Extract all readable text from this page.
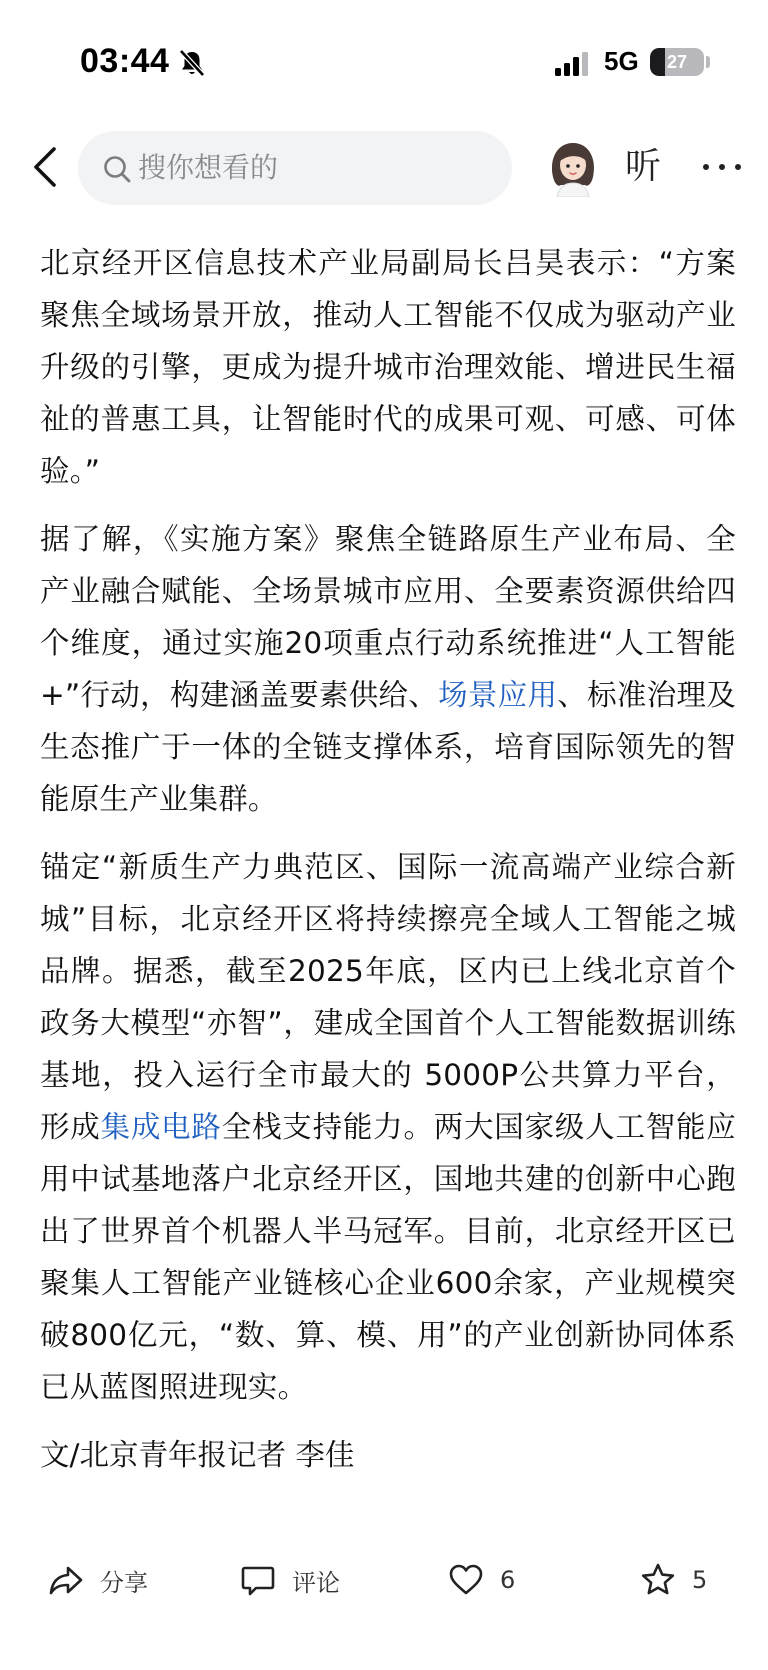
03:44	5G	27
搜你想看的	听

北京经开区信息技术产业局副局长吕昊表示：“方案聚焦全域场景开放，推动人工智能不仅成为驱动产业升级的引擎，更成为提升城市治理效能、增进民生福祉的普惠工具，让智能时代的成果可观、可感、可体验。”

据了解，《实施方案》聚焦全链路原生产业布局、全产业融合赋能、全场景城市应用、全要素资源供给四个维度，通过实施20项重点行动系统推进“人工智能+”行动，构建涵盖要素供给、场景应用、标准治理及生态推广于一体的全链支撑体系，培育国际领先的智能原生产业集群。

锚定“新质生产力典范区、国际一流高端产业综合新城”目标，北京经开区将持续擦亮全域人工智能之城品牌。据悉，截至2025年底，区内已上线北京首个政务大模型“亦智”，建成全国首个人工智能数据训练基地，投入运行全市最大的 5000P公共算力平台，形成集成电路全栈支持能力。两大国家级人工智能应用中试基地落户北京经开区，国地共建的创新中心跑出了世界首个机器人半马冠军。目前，北京经开区已聚集人工智能产业链核心企业600余家，产业规模突破800亿元，“数、算、模、用”的产业创新协同体系已从蓝图照进现实。

文/北京青年报记者 李佳

分享	评论	6	5
